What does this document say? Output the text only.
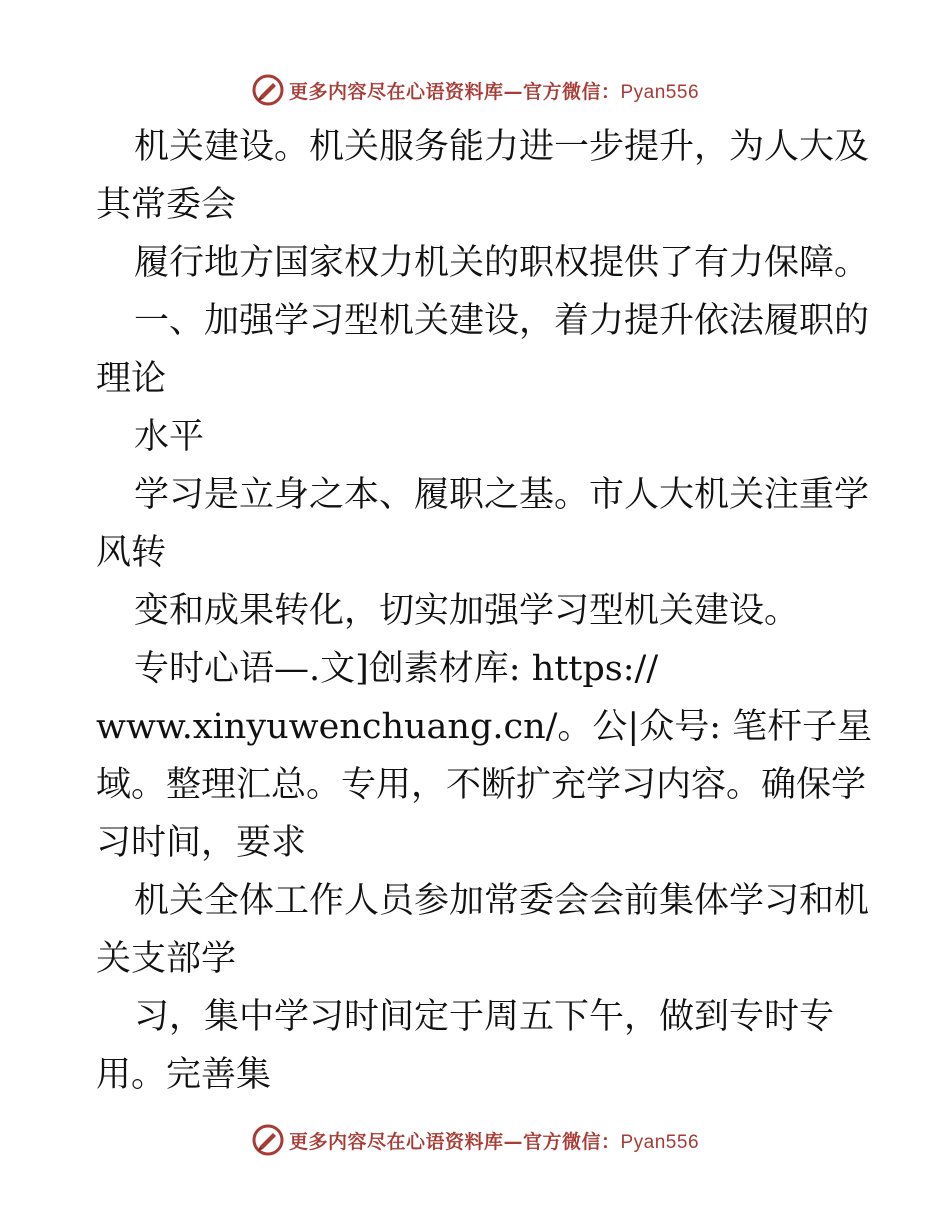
更多内容尽在心语资料库—官方微信：Pyan556
机关建设。机关服务能力进一步提升，为人大及
其常委会
履行地方国家权力机关的职权提供了有力保障。
一、加强学习型机关建设，着力提升依法履职的
理论
水平
学习是立身之本、履职之基。市人大机关注重学
风转
变和成果转化，切实加强学习型机关建设。
专时心语—.文]创素材库: https://
www.xinyuwenchuang.cn/。公|众号: 笔杆子星
域。整理汇总。专用，不断扩充学习内容。确保学
习时间，要求
机关全体工作人员参加常委会会前集体学习和机
关支部学
习，集中学习时间定于周五下午，做到专时专
用。完善集
更多内容尽在心语资料库—官方微信：Pyan556
